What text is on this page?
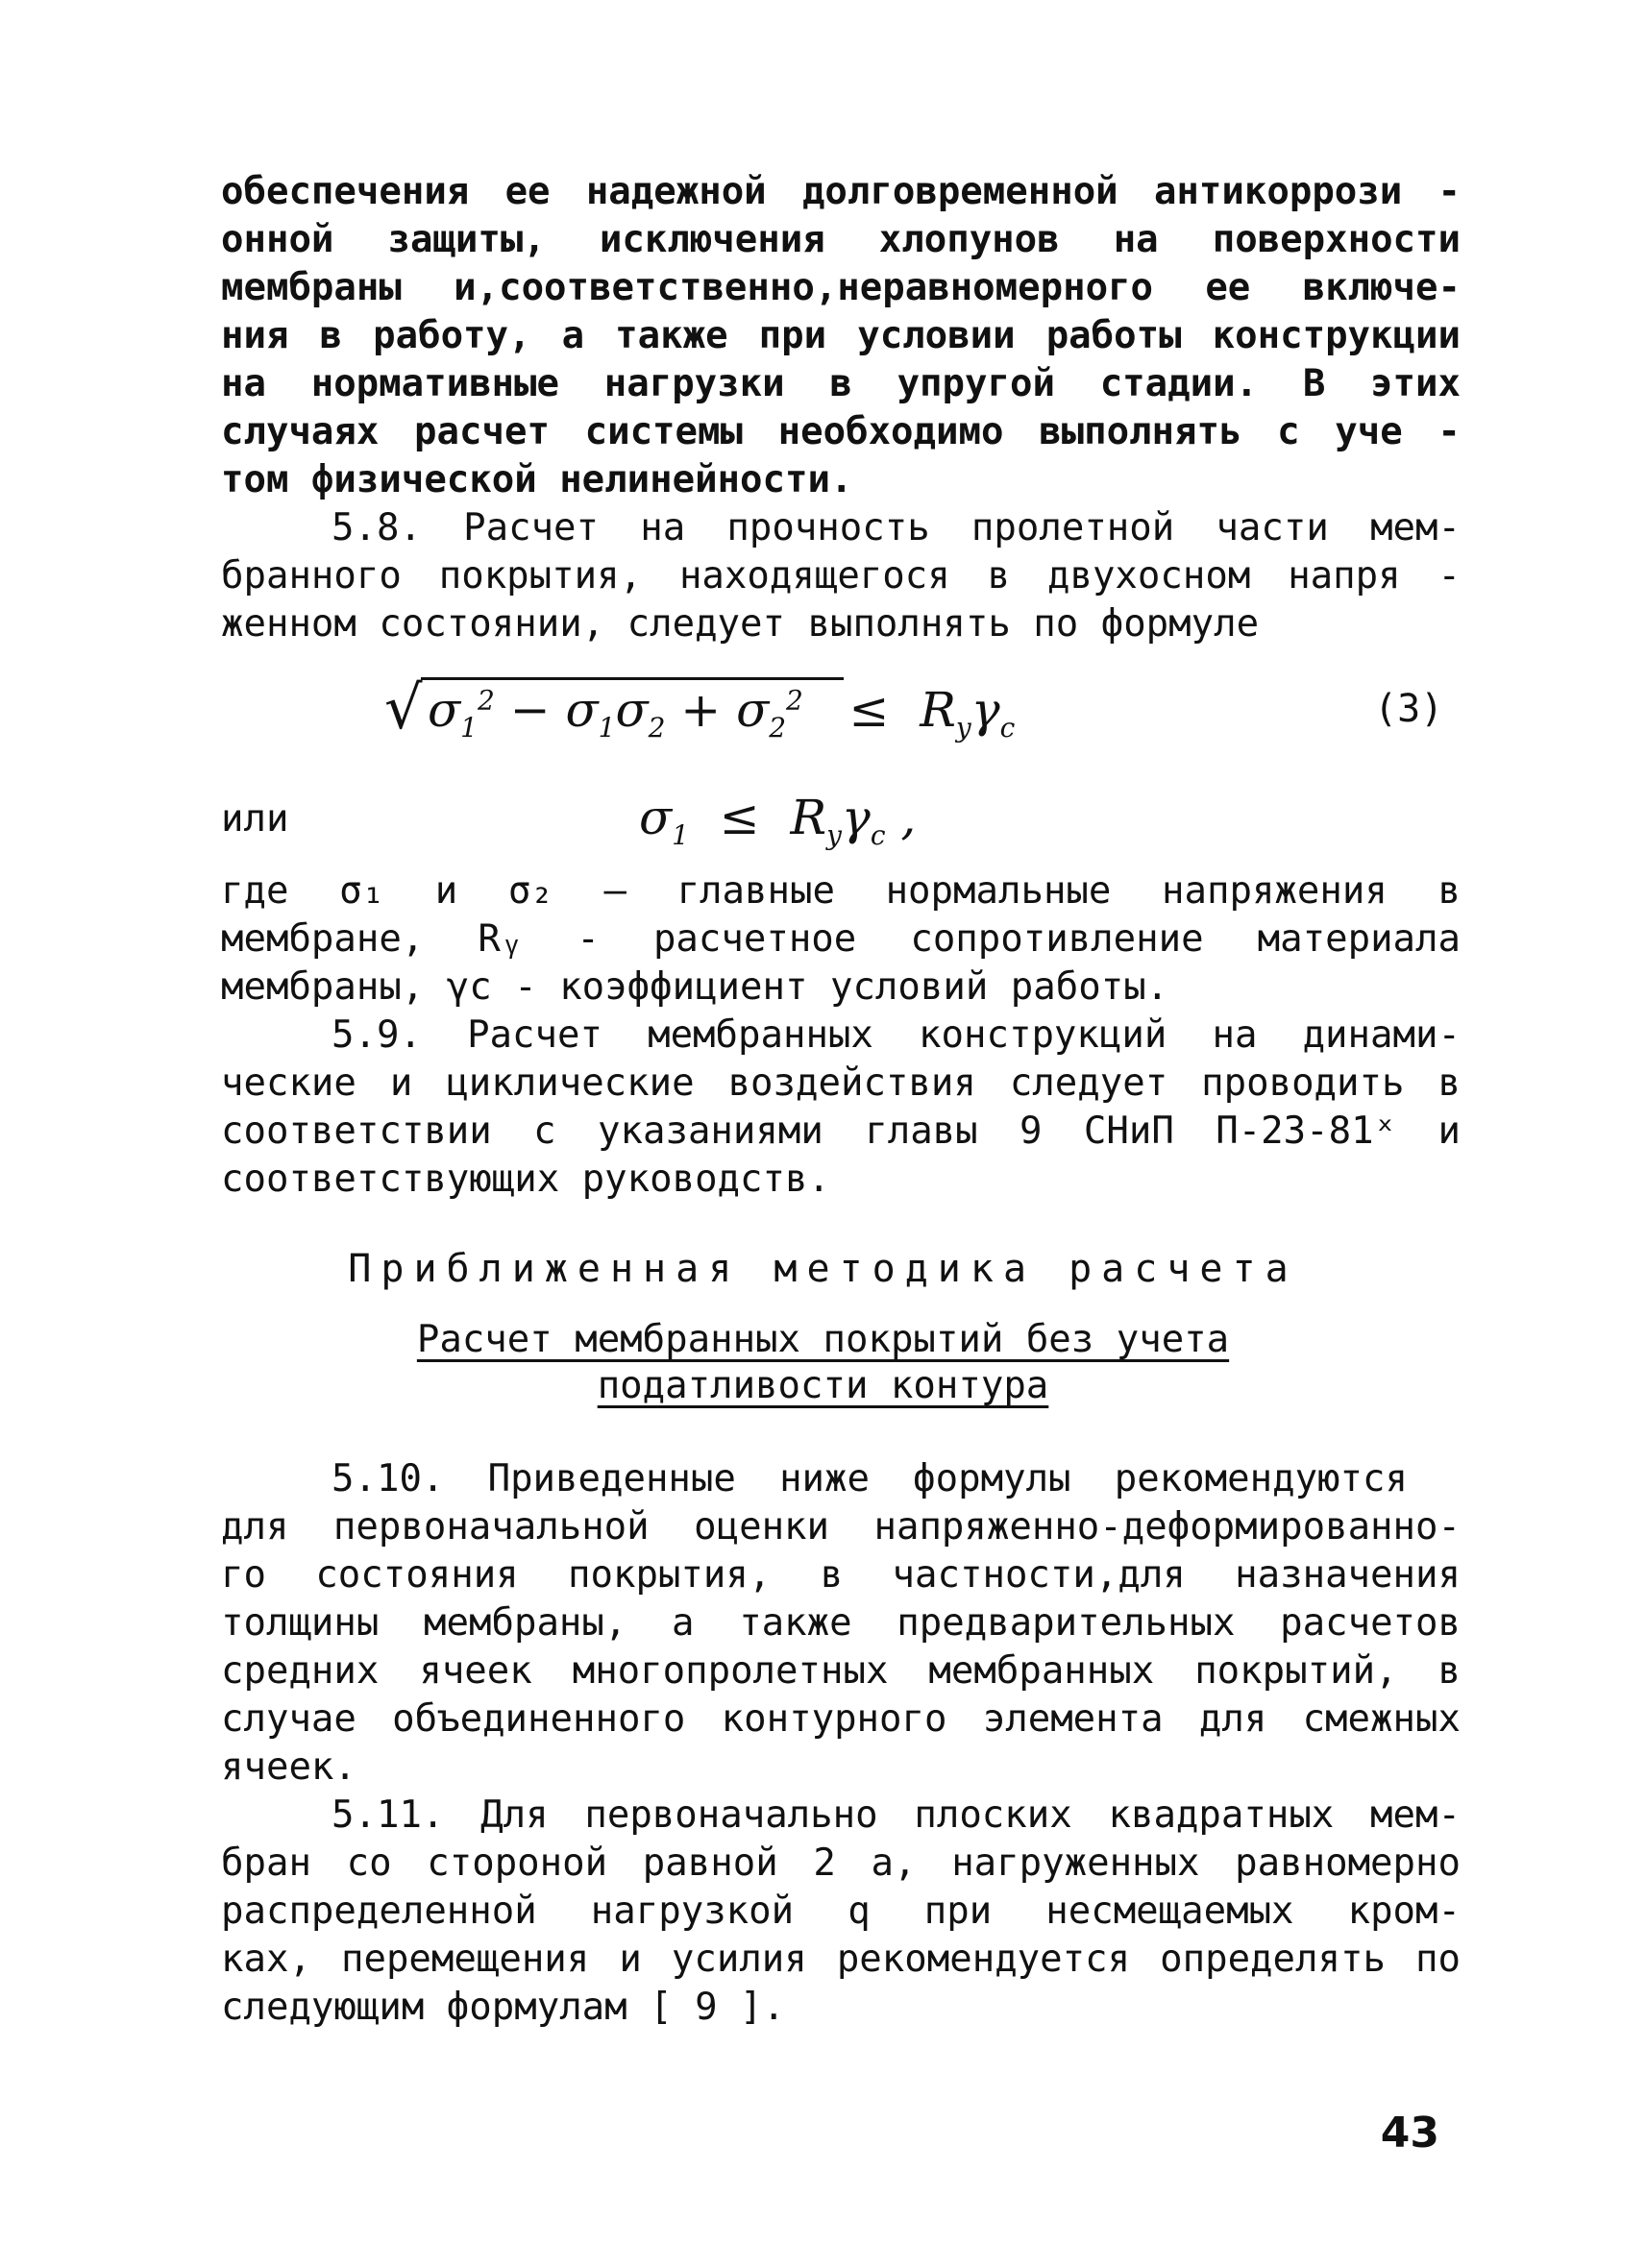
обеспечения ее надежной долговременной антикоррози -
онной защиты, исключения хлопунов на поверхности
мембраны и,соответственно,неравномерного ее включе-
ния в работу, а также при условии работы конструкции
на нормативные нагрузки в упругой стадии. В этих
случаях расчет системы необходимо выполнять с уче -
том физической нелинейности.
5.8. Расчет на прочность пролетной части мем-
бранного покрытия, находящегося в двухосном напря -
женном состоянии, следует выполнять по формуле
√ $\sigma_1^2 - \sigma_1\sigma_2 + \sigma_2^2 \le R_y\gamma_c$	(3)
или	$\sigma_1 \le R_y\gamma_c$ ,
где σ₁ и σ₂ — главные нормальные напряжения в
мембране, Rᵧ - расчетное сопротивление материала
мембраны, γc - коэффициент условий работы.
5.9. Расчет мембранных конструкций на динами-
ческие и циклические воздействия следует проводить в
соответствии с указаниями главы 9 СНиП П-23-81ˣ и
соответствующих руководств.
Приближенная методика расчета
Расчет мембранных покрытий без учета
податливости контура
5.10. Приведенные ниже формулы рекомендуются
для первоначальной оценки напряженно-деформированно-
го состояния покрытия, в частности,для назначения
толщины мембраны, а также предварительных расчетов
средних ячеек многопролетных мембранных покрытий, в
случае объединенного контурного элемента для смежных
ячеек.
5.11. Для первоначально плоских квадратных мем-
бран со стороной равной 2 а, нагруженных равномерно
распределенной нагрузкой q при несмещаемых кром-
ках, перемещения и усилия рекомендуется определять по
следующим формулам [ 9 ].
43
